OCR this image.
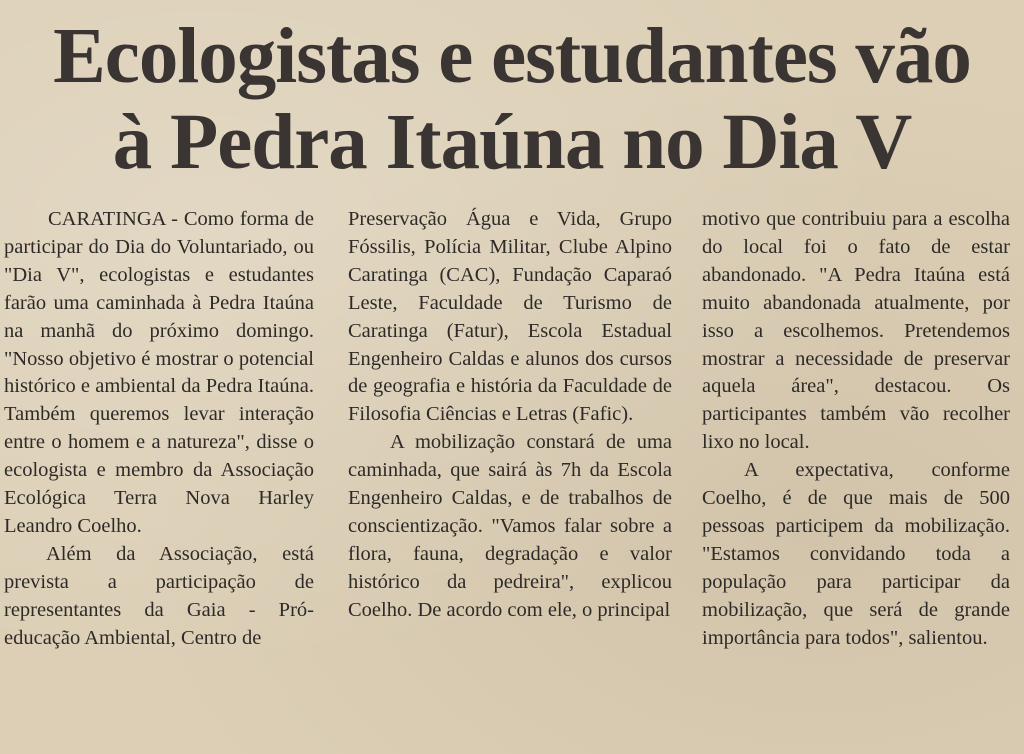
Ecologistas e estudantes vão
à Pedra Itaúna no Dia V

CARATINGA - Como forma de participar do Dia do Voluntariado, ou "Dia V", ecologistas e estudantes farão uma caminhada à Pedra Itaúna na manhã do próximo domingo. "Nosso objetivo é mostrar o potencial histórico e ambiental da Pedra Itaúna. Também queremos levar interação entre o homem e a natureza", disse o ecologista e membro da Associação Ecológica Terra Nova Harley Leandro Coelho.

Além da Associação, está prevista a participação de representantes da Gaia - Pró-educação Ambiental, Centro de

Preservação Água e Vida, Grupo Fóssilis, Polícia Militar, Clube Alpino Caratinga (CAC), Fundação Caparaó Leste, Faculdade de Turismo de Caratinga (Fatur), Escola Estadual Engenheiro Caldas e alunos dos cursos de geografia e história da Faculdade de Filosofia Ciências e Letras (Fafic).

A mobilização constará de uma caminhada, que sairá às 7h da Escola Engenheiro Caldas, e de trabalhos de conscientização. "Vamos falar sobre a flora, fauna, degradação e valor histórico da pedreira", explicou Coelho. De acordo com ele, o principal

motivo que contribuiu para a escolha do local foi o fato de estar abandonado. "A Pedra Itaúna está muito abandonada atualmente, por isso a escolhemos. Pretendemos mostrar a necessidade de preservar aquela área", destacou. Os participantes também vão recolher lixo no local.

A expectativa, conforme Coelho, é de que mais de 500 pessoas participem da mobilização. "Estamos convidando toda a população para participar da mobilização, que será de grande importância para todos", salientou.
